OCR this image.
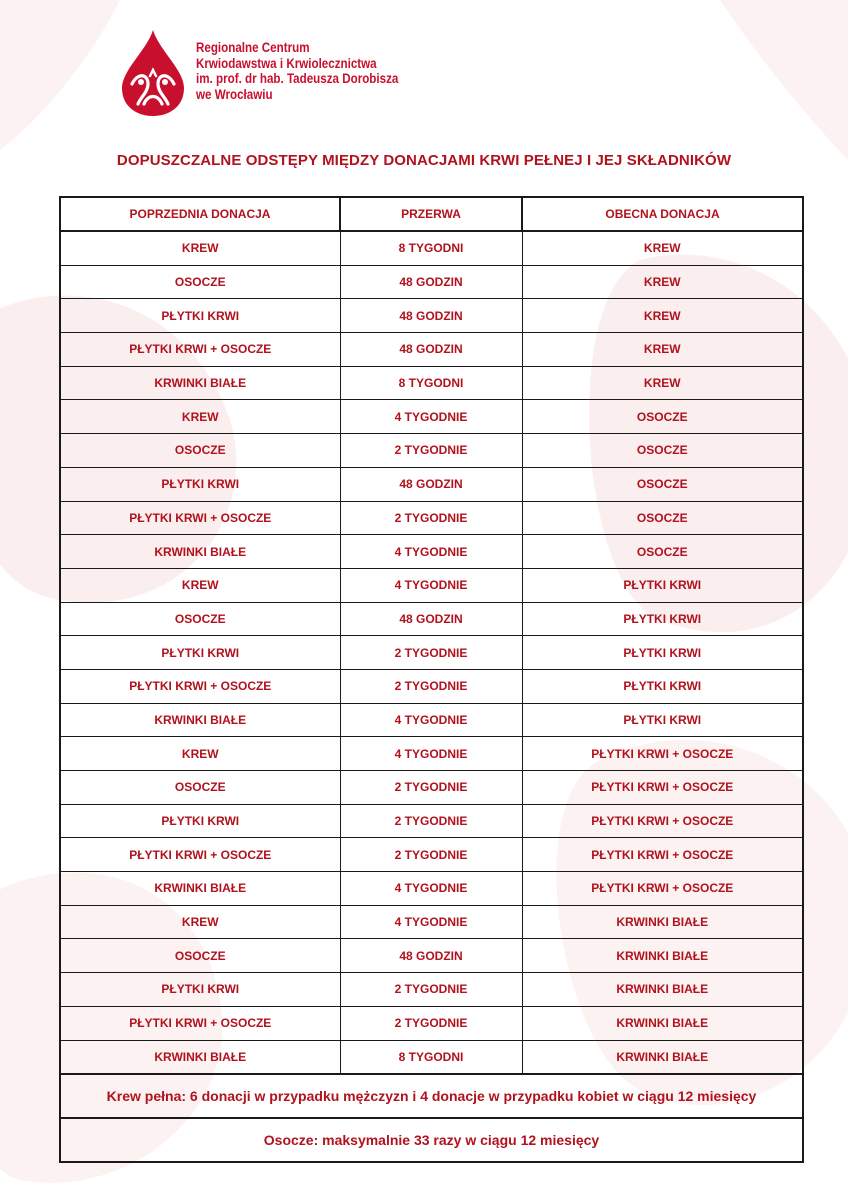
Regionalne Centrum
Krwiodawstwa i Krwiolecznictwa
im. prof. dr hab. Tadeusza Dorobisza
we Wrocławiu
DOPUSZCZALNE ODSTĘPY MIĘDZY DONACJAMI KRWI PEŁNEJ I JEJ SKŁADNIKÓW
POPRZEDNIA DONACJA	PRZERWA	OBECNA DONACJA
KREW	8 TYGODNI	KREW
OSOCZE	48 GODZIN	KREW
PŁYTKI KRWI	48 GODZIN	KREW
PŁYTKI KRWI + OSOCZE	48 GODZIN	KREW
KRWINKI BIAŁE	8 TYGODNI	KREW
KREW	4 TYGODNIE	OSOCZE
OSOCZE	2 TYGODNIE	OSOCZE
PŁYTKI KRWI	48 GODZIN	OSOCZE
PŁYTKI KRWI + OSOCZE	2 TYGODNIE	OSOCZE
KRWINKI BIAŁE	4 TYGODNIE	OSOCZE
KREW	4 TYGODNIE	PŁYTKI KRWI
OSOCZE	48 GODZIN	PŁYTKI KRWI
PŁYTKI KRWI	2 TYGODNIE	PŁYTKI KRWI
PŁYTKI KRWI + OSOCZE	2 TYGODNIE	PŁYTKI KRWI
KRWINKI BIAŁE	4 TYGODNIE	PŁYTKI KRWI
KREW	4 TYGODNIE	PŁYTKI KRWI + OSOCZE
OSOCZE	2 TYGODNIE	PŁYTKI KRWI + OSOCZE
PŁYTKI KRWI	2 TYGODNIE	PŁYTKI KRWI + OSOCZE
PŁYTKI KRWI + OSOCZE	2 TYGODNIE	PŁYTKI KRWI + OSOCZE
KRWINKI BIAŁE	4 TYGODNIE	PŁYTKI KRWI + OSOCZE
KREW	4 TYGODNIE	KRWINKI BIAŁE
OSOCZE	48 GODZIN	KRWINKI BIAŁE
PŁYTKI KRWI	2 TYGODNIE	KRWINKI BIAŁE
PŁYTKI KRWI + OSOCZE	2 TYGODNIE	KRWINKI BIAŁE
KRWINKI BIAŁE	8 TYGODNI	KRWINKI BIAŁE
Krew pełna: 6 donacji w przypadku mężczyzn i 4 donacje w przypadku kobiet w ciągu 12 miesięcy		
Osocze: maksymalnie 33 razy w ciągu 12 miesięcy		
